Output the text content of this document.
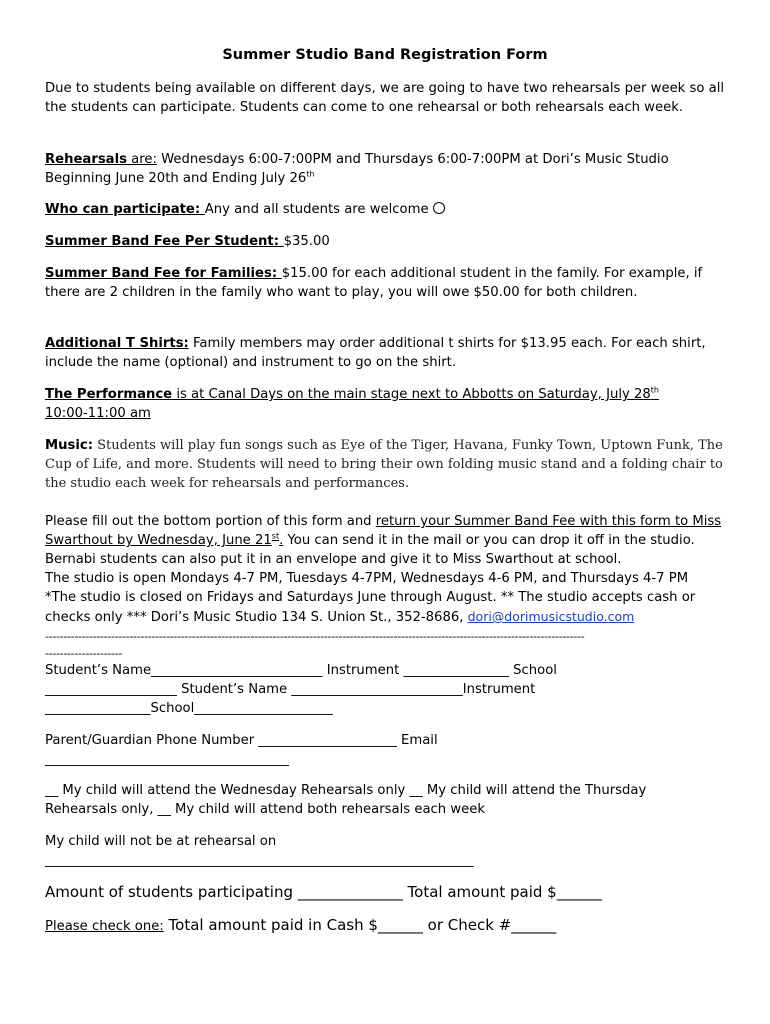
Summer Studio Band Registration Form
Due to students being available on different days, we are going to have two rehearsals per week so all the students can participate. Students can come to one rehearsal or both rehearsals each week.
Rehearsals are: Wednesdays 6:00-7:00PM and Thursdays 6:00-7:00PM at Dori’s Music Studio
Beginning June 20th and Ending July 26th
Who can participate: Any and all students are welcome
Summer Band Fee Per Student: $35.00
Summer Band Fee for Families: $15.00 for each additional student in the family. For example, if there are 2 children in the family who want to play, you will owe $50.00 for both children.
Additional T Shirts: Family members may order additional t shirts for $13.95 each. For each shirt, include the name (optional) and instrument to go on the shirt.
The Performance is at Canal Days on the main stage next to Abbotts on Saturday, July 28th
10:00-11:00 am
Music: Students will play fun songs such as Eye of the Tiger, Havana, Funky Town, Uptown Funk, The Cup of Life, and more. Students will need to bring their own folding music stand and a folding chair to the studio each week for rehearsals and performances.
Please fill out the bottom portion of this form and return your Summer Band Fee with this form to Miss Swarthout by Wednesday, June 21st. You can send it in the mail or you can drop it off in the studio. Bernabi students can also put it in an envelope and give it to Miss Swarthout at school.
The studio is open Mondays 4-7 PM, Tuesdays 4-7PM, Wednesdays 4-6 PM, and Thursdays 4-7 PM
*The studio is closed on Fridays and Saturdays June through August. ** The studio accepts cash or checks only *** Dori’s Music Studio 134 S. Union St., 352-8686, dori@dorimusicstudio.com
---------------------------------------------------------------------------------------------------------------------------------------------------
---------------------
Student’s Name__________________________ Instrument ________________ School
____________________ Student’s Name __________________________Instrument
________________School_____________________
Parent/Guardian Phone Number _____________________ Email
_____________________________________
__ My child will attend the Wednesday Rehearsals only __ My child will attend the Thursday
Rehearsals only, __ My child will attend both rehearsals each week
My child will not be at rehearsal on
_________________________________________________________________
Amount of students participating ______________ Total amount paid $______
Please check one: Total amount paid in Cash $______ or Check #______
